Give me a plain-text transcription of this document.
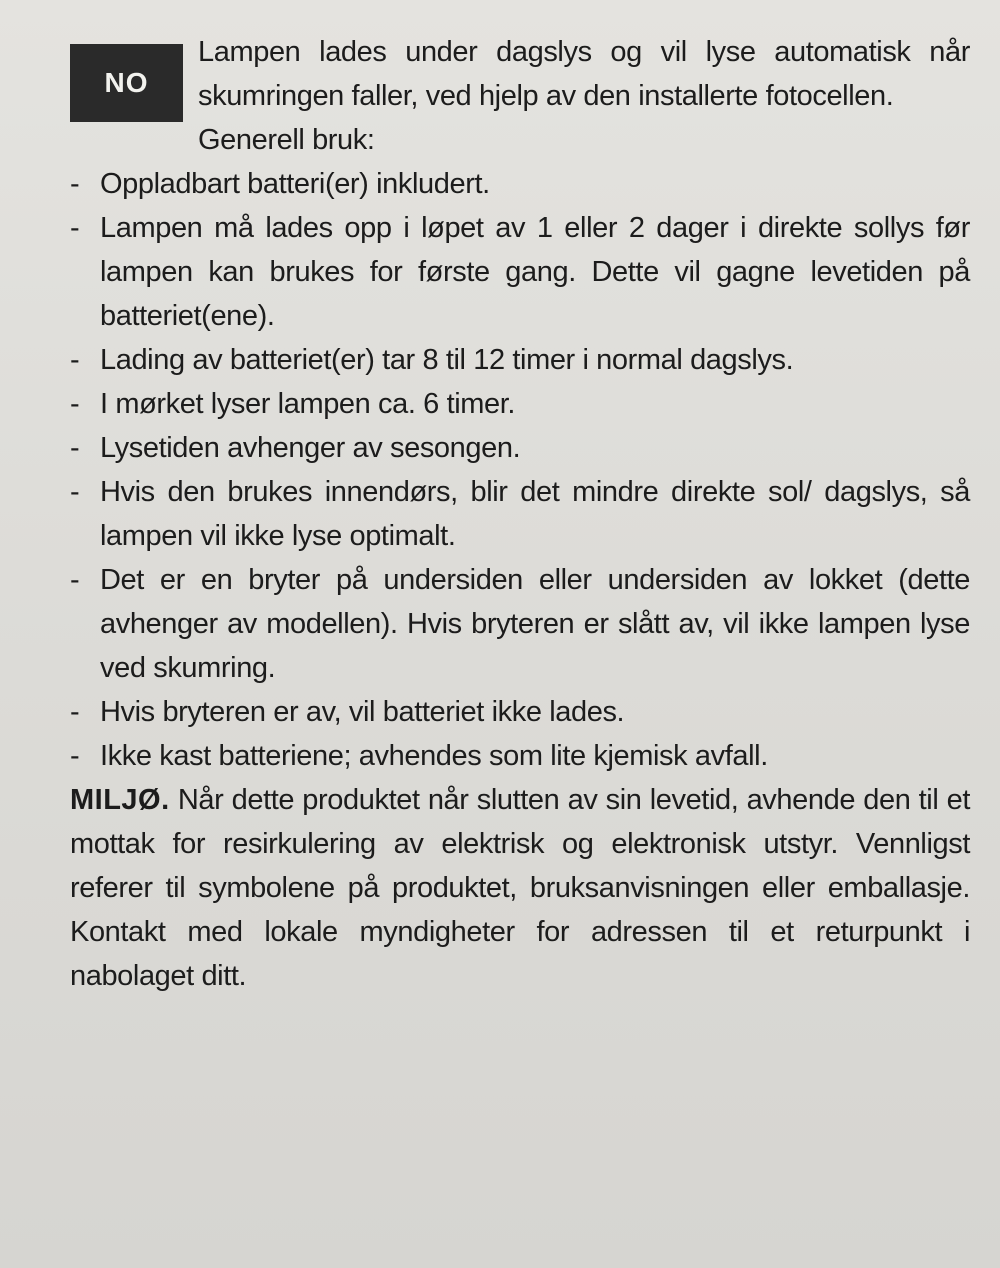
NO
Lampen lades under dagslys og vil lyse automatisk når skumringen faller, ved hjelp av den installerte fotocellen.

Generell bruk:

- Oppladbart batteri(er) inkludert.
- Lampen må lades opp i løpet av 1 eller 2 dager i direkte sollys før lampen kan brukes for første gang. Dette vil gagne levetiden på batteriet(ene).
- Lading av batteriet(er) tar 8 til 12 timer i normal dagslys.
- I mørket lyser lampen ca. 6 timer.
- Lysetiden avhenger av sesongen.
- Hvis den brukes innendørs, blir det mindre direkte sol/ dagslys, så lampen vil ikke lyse optimalt.
- Det er en bryter på undersiden eller undersiden av lokket (dette avhenger av modellen). Hvis bryteren er slått av, vil ikke lampen lyse ved skumring.
- Hvis bryteren er av, vil batteriet ikke lades.
- Ikke kast batteriene; avhendes som lite kjemisk avfall.

MILJØ. Når dette produktet når slutten av sin levetid, avhende den til et mottak for resirkulering av elektrisk og elektronisk utstyr. Vennligst referer til symbolene på produktet, bruksanvisningen eller emballasje. Kontakt med lokale myndigheter for adressen til et returpunkt i nabolaget ditt.
